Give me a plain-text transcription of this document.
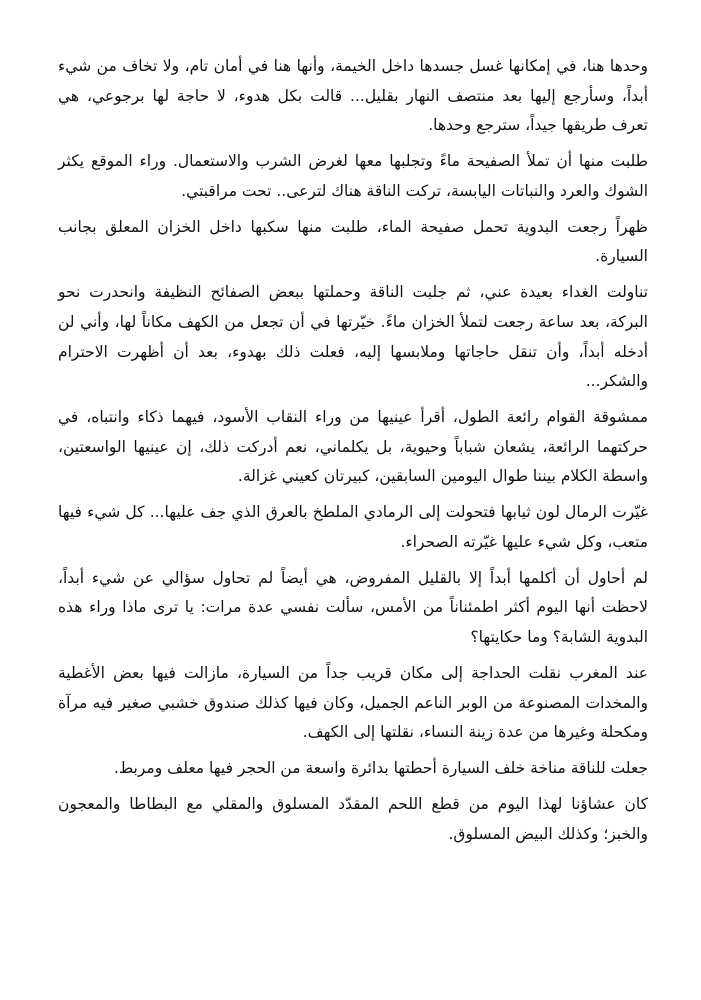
وحدها هنا، في إمكانها غسل جسدها داخل الخيمة، وأنها هنا في أمان تام، ولا تخاف من شيء أبداً، وسأرجع إليها بعد منتصف النهار بقليل... قالت بكل هدوء، لا حاجة لها برجوعي، هي تعرف طريقها جيداً، سترجع وحدها.

طلبت منها أن تملأ الصفيحة ماءً وتجلبها معها لغرض الشرب والاستعمال. وراء الموقع يكثر الشوك والعرد والنباتات اليابسة، تركت الناقة هناك لترعى.. تحت مراقبتي.

ظهراً رجعت البدوية تحمل صفيحة الماء، طلبت منها سكبها داخل الخزان المعلق بجانب السيارة.

تناولت الغداء بعيدة عني، ثم جلبت الناقة وحملتها ببعض الصفائح النظيفة وانحدرت نحو البركة، بعد ساعة رجعت لتملأ الخزان ماءً. خيّرتها في أن تجعل من الكهف مكاناً لها، وأني لن أدخله أبداً، وأن تنقل حاجاتها وملابسها إليه، فعلت ذلك بهدوء، بعد أن أظهرت الاحترام والشكر...

ممشوقة القوام رائعة الطول، أقرأ عينيها من وراء النقاب الأسود، فيهما ذكاء وانتباه، في حركتهما الرائعة، يشعان شباباً وحيوية، بل يكلماني، نعم أدركت ذلك، إن عينيها الواسعتين، واسطة الكلام بيننا طوال اليومين السابقين، كبيرتان كعيني غزالة.

غيّرت الرمال لون ثيابها فتحولت إلى الرمادي الملطخ بالعرق الذي جف عليها... كل شيء فيها متعب، وكل شيء عليها غيّرته الصحراء.

لم أحاول أن أكلمها أبداً إلا بالقليل المفروض، هي أيضاً لم تحاول سؤالي عن شيء أبداً، لاحظت أنها اليوم أكثر اطمئناناً من الأمس، سألت نفسي عدة مرات: يا ترى ماذا وراء هذه البدوية الشابة؟ وما حكايتها؟

عند المغرب نقلت الحداجة إلى مكان قريب جداً من السيارة، مازالت فيها بعض الأغطية والمخدات المصنوعة من الوبر الناعم الجميل، وكان فيها كذلك صندوق خشبي صغير فيه مرآة ومكحلة وغيرها من عدة زينة النساء، نقلتها إلى الكهف.

جعلت للناقة مناخة خلف السيارة أحطتها بدائرة واسعة من الحجر فيها معلف ومربط.

كان عشاؤنا لهذا اليوم من قطع اللحم المقدّد المسلوق والمقلي مع البطاطا والمعجون والخبز؛ وكذلك البيض المسلوق.
